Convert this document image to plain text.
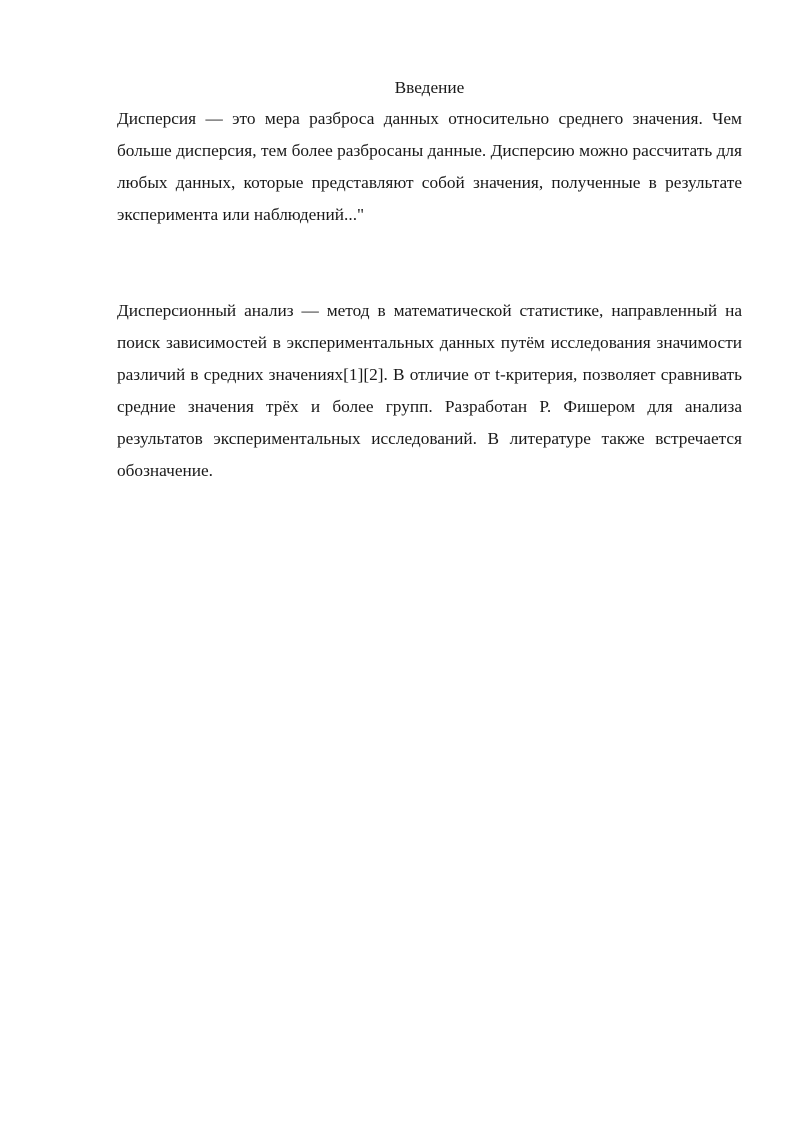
Введение

Дисперсия — это мера разброса данных относительно среднего значения. Чем больше дисперсия, тем более разбросаны данные. Дисперсию можно рассчитать для любых данных, которые представляют собой значения, полученные в результате эксперимента или наблюдений..."

Дисперсионный анализ — метод в математической статистике, направленный на поиск зависимостей в экспериментальных данных путём исследования значимости различий в средних значениях[1][2]. В отличие от t-критерия, позволяет сравнивать средние значения трёх и более групп. Разработан Р. Фишером для анализа результатов экспериментальных исследований. В литературе также встречается обозначение.
